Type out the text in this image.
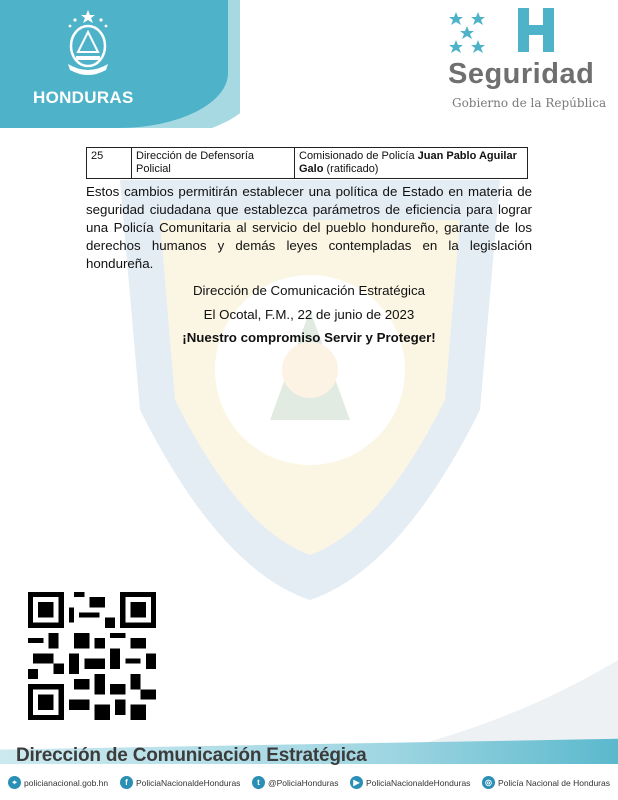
HONDURAS
Seguridad
Gobierno de la República
25	Dirección de Defensoría Policial	Comisionado de Policía Juan Pablo Aguilar Galo (ratificado)
Estos cambios permitirán establecer una política de Estado en materia de seguridad ciudadana que establezca parámetros de eficiencia para lograr una Policía Comunitaria al servicio del pueblo hondureño, garante de los derechos humanos y demás leyes contempladas en la legislación hondureña.
Dirección de Comunicación Estratégica
El Ocotal, F.M., 22 de junio de 2023
¡Nuestro compromiso Servir y Proteger!
Dirección de Comunicación Estratégica
⌖ policianacional.gob.hn	f PoliciaNacionaldeHonduras	t @PoliciaHonduras	▶ PoliciaNacionaldeHonduras	◎ Policía Nacional de Honduras
